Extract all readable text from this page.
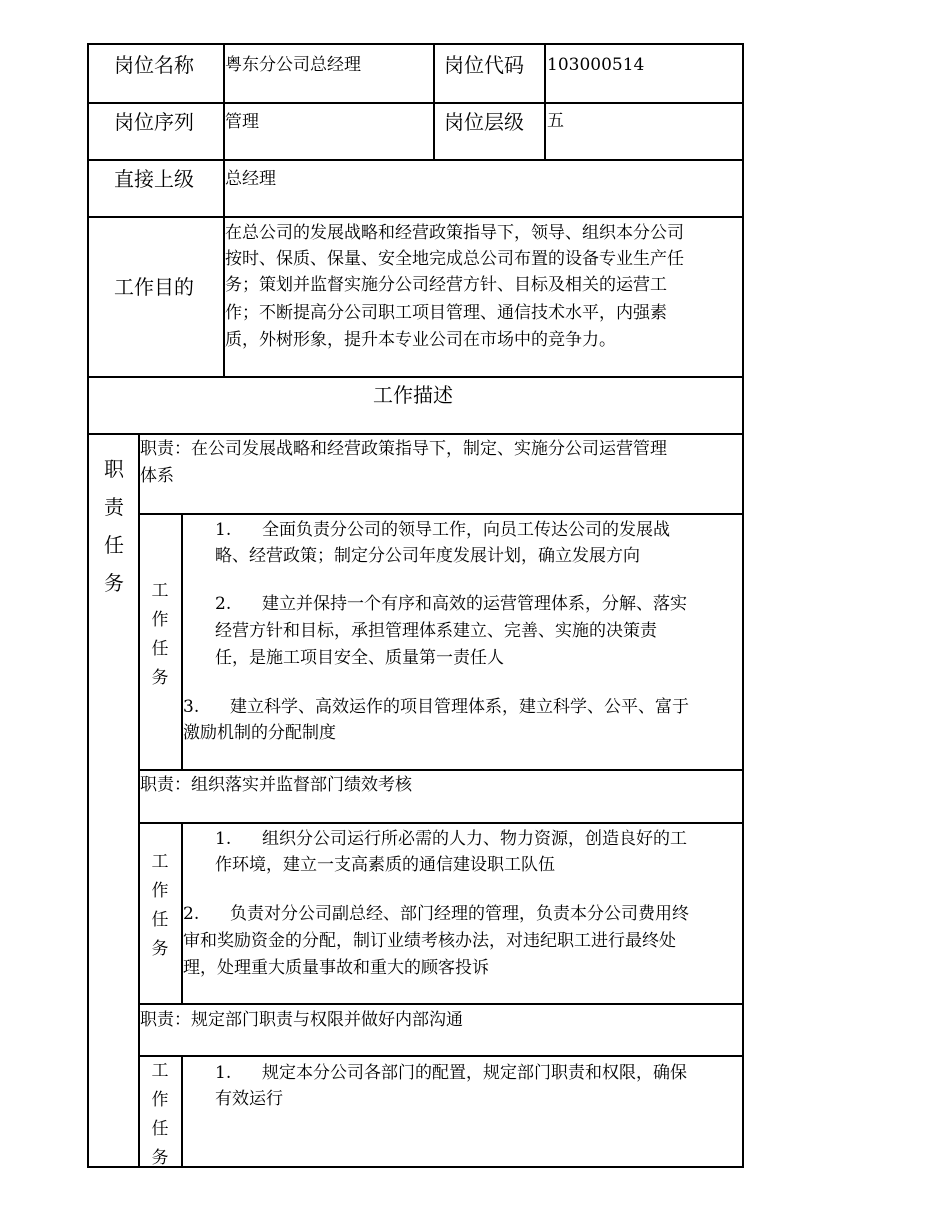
岗位名称 粤东分公司总经理	岗位代码 103000514
岗位序列 管理	岗位层级 五
直接上级 总经理
工作目的
在总公司的发展战略和经营政策指导下，领导、组织本分公司
按时、保质、保量、安全地完成总公司布置的设备专业生产任
务；策划并监督实施分公司经营方针、目标及相关的运营工
作；不断提高分公司职工项目管理、通信技术水平，内强素
质，外树形象，提升本专业公司在市场中的竞争力。
工作描述
职
责
任
务
职责：在公司发展战略和经营政策指导下，制定、实施分公司运营管理
体系
工
作
任
务
1. 全面负责分公司的领导工作，向员工传达公司的发展战
略、经营政策；制定分公司年度发展计划，确立发展方向
2. 建立并保持一个有序和高效的运营管理体系，分解、落实
经营方针和目标，承担管理体系建立、完善、实施的决策责
任，是施工项目安全、质量第一责任人
3. 建立科学、高效运作的项目管理体系，建立科学、公平、富于
激励机制的分配制度
职责：组织落实并监督部门绩效考核
工
作
任
务
1. 组织分公司运行所必需的人力、物力资源，创造良好的工
作环境，建立一支高素质的通信建设职工队伍
2. 负责对分公司副总经、部门经理的管理，负责本分公司费用终
审和奖励资金的分配，制订业绩考核办法，对违纪职工进行最终处
理，处理重大质量事故和重大的顾客投诉
职责：规定部门职责与权限并做好内部沟通
工
作
任
务
1. 规定本分公司各部门的配置，规定部门职责和权限，确保
有效运行
